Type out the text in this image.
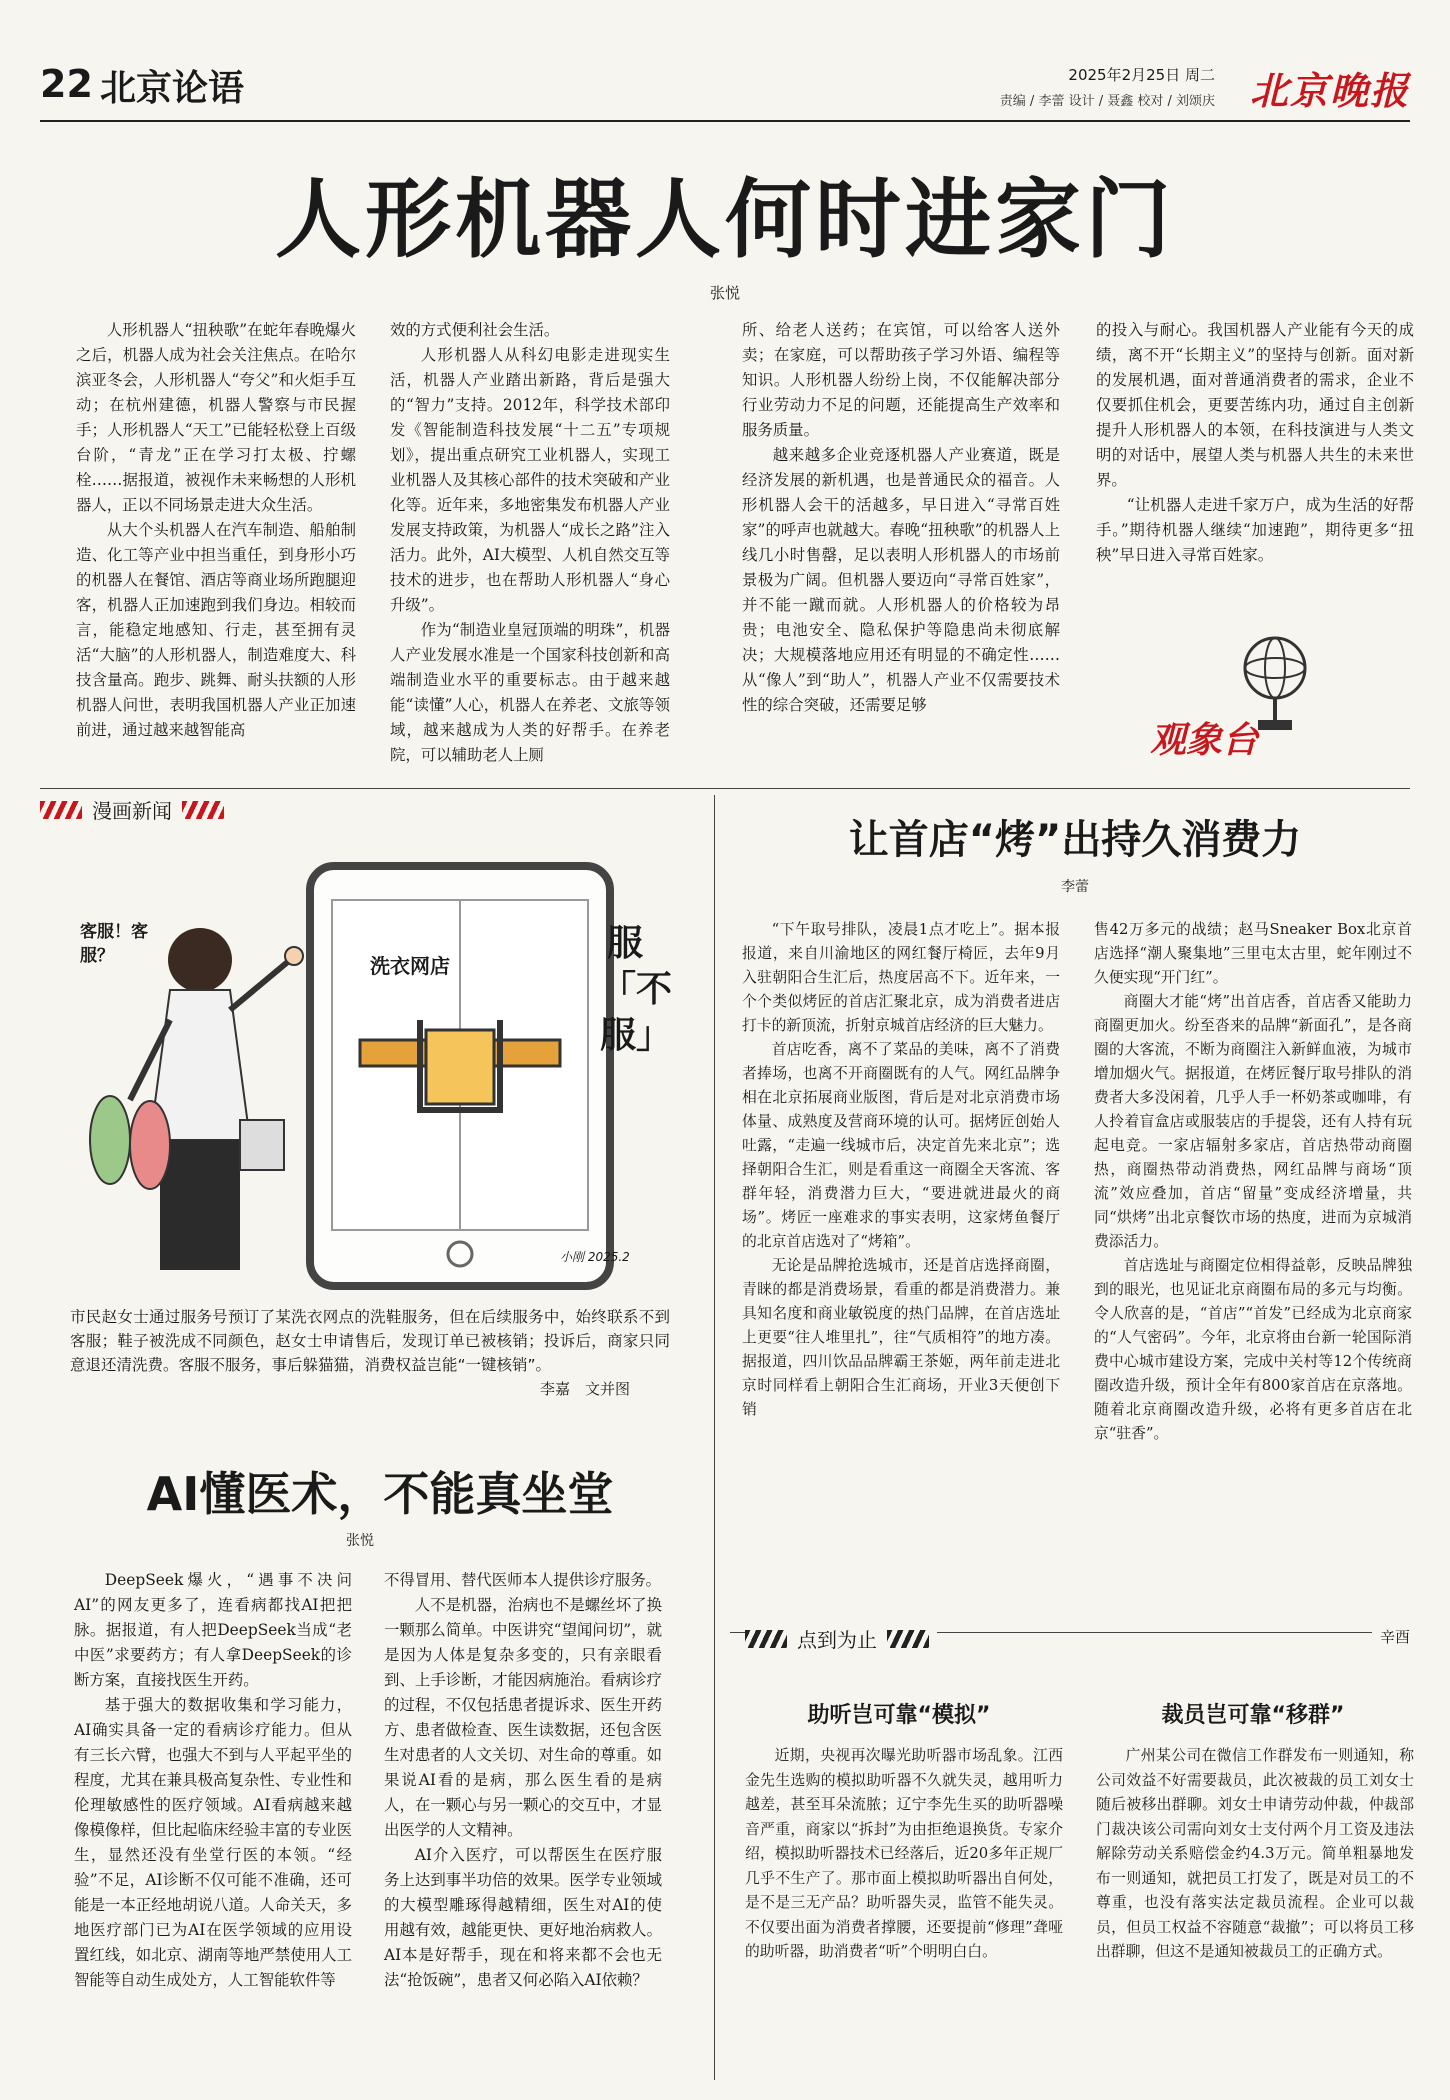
22 北京论语	2025年2月25日 周二
责编 / 李蕾 设计 / 聂鑫 校对 / 刘颂庆 北京晚报
人形机器人何时进家门
张悦

人形机器人“扭秧歌”在蛇年春晚爆火之后，机器人成为社会关注焦点。在哈尔滨亚冬会，人形机器人“夸父”和火炬手互动；在杭州建德，机器人警察与市民握手；人形机器人“天工”已能轻松登上百级台阶，“青龙”正在学习打太极、拧螺栓……据报道，被视作未来畅想的人形机器人，正以不同场景走进大众生活。

从大个头机器人在汽车制造、船舶制造、化工等产业中担当重任，到身形小巧的机器人在餐馆、酒店等商业场所跑腿迎客，机器人正加速跑到我们身边。相较而言，能稳定地感知、行走，甚至拥有灵活“大脑”的人形机器人，制造难度大、科技含量高。跑步、跳舞、耐头扶额的人形机器人问世，表明我国机器人产业正加速前进，通过越来越智能高

效的方式便利社会生活。

人形机器人从科幻电影走进现实生活，机器人产业踏出新路，背后是强大的“智力”支持。2012年，科学技术部印发《智能制造科技发展“十二五”专项规划》，提出重点研究工业机器人，实现工业机器人及其核心部件的技术突破和产业化等。近年来，多地密集发布机器人产业发展支持政策，为机器人“成长之路”注入活力。此外，AI大模型、人机自然交互等技术的进步，也在帮助人形机器人“身心升级”。

作为“制造业皇冠顶端的明珠”，机器人产业发展水准是一个国家科技创新和高端制造业水平的重要标志。由于越来越能“读懂”人心，机器人在养老、文旅等领域，越来越成为人类的好帮手。在养老院，可以辅助老人上厕

所、给老人送药；在宾馆，可以给客人送外卖；在家庭，可以帮助孩子学习外语、编程等知识。人形机器人纷纷上岗，不仅能解决部分行业劳动力不足的问题，还能提高生产效率和服务质量。

越来越多企业竞逐机器人产业赛道，既是经济发展的新机遇，也是普通民众的福音。人形机器人会干的活越多，早日进入“寻常百姓家”的呼声也就越大。春晚“扭秧歌”的机器人上线几小时售罄，足以表明人形机器人的市场前景极为广阔。但机器人要迈向“寻常百姓家”，并不能一蹴而就。人形机器人的价格较为昂贵；电池安全、隐私保护等隐患尚未彻底解决；大规模落地应用还有明显的不确定性……从“像人”到“助人”，机器人产业不仅需要技术性的综合突破，还需要足够

的投入与耐心。我国机器人产业能有今天的成绩，离不开“长期主义”的坚持与创新。面对新的发展机遇，面对普通消费者的需求，企业不仅要抓住机会，更要苦练内功，通过自主创新提升人形机器人的本领，在科技演进与人类文明的对话中，展望人类与机器人共生的未来世界。

“让机器人走进千家万户，成为生活的好帮手。”期待机器人继续“加速跑”，期待更多“扭秧”早日进入寻常百姓家。

观象台
漫画新闻
客服！客服？	洗衣网店
小刚 2025.2
服「不服」
市民赵女士通过服务号预订了某洗衣网点的洗鞋服务，但在后续服务中，始终联系不到客服；鞋子被洗成不同颜色，赵女士申请售后，发现订单已被核销；投诉后，商家只同意退还清洗费。客服不服务，事后躲猫猫，消费权益岂能“一键核销”。
李嘉　文并图
AI懂医术，不能真坐堂
张悦

DeepSeek爆火，“遇事不决问AI”的网友更多了，连看病都找AI把把脉。据报道，有人把DeepSeek当成“老中医”求要药方；有人拿DeepSeek的诊断方案，直接找医生开药。

基于强大的数据收集和学习能力，AI确实具备一定的看病诊疗能力。但从有三长六臂，也强大不到与人平起平坐的程度，尤其在兼具极高复杂性、专业性和伦理敏感性的医疗领域。AI看病越来越像模像样，但比起临床经验丰富的专业医生，显然还没有坐堂行医的本领。“经验”不足，AI诊断不仅可能不准确，还可能是一本正经地胡说八道。人命关天，多地医疗部门已为AI在医学领域的应用设置红线，如北京、湖南等地严禁使用人工智能等自动生成处方，人工智能软件等

不得冒用、替代医师本人提供诊疗服务。

人不是机器，治病也不是螺丝坏了换一颗那么简单。中医讲究“望闻问切”，就是因为人体是复杂多变的，只有亲眼看到、上手诊断，才能因病施治。看病诊疗的过程，不仅包括患者提诉求、医生开药方、患者做检查、医生读数据，还包含医生对患者的人文关切、对生命的尊重。如果说AI看的是病，那么医生看的是病人，在一颗心与另一颗心的交互中，才显出医学的人文精神。

AI介入医疗，可以帮医生在医疗服务上达到事半功倍的效果。医学专业领域的大模型雕琢得越精细，医生对AI的使用越有效，越能更快、更好地治病救人。AI本是好帮手，现在和将来都不会也无法“抢饭碗”，患者又何必陷入AI依赖？

让首店“烤”出持久消费力
李蕾

“下午取号排队，凌晨1点才吃上”。据本报报道，来自川渝地区的网红餐厅椅匠，去年9月入驻朝阳合生汇后，热度居高不下。近年来，一个个类似烤匠的首店汇聚北京，成为消费者进店打卡的新顶流，折射京城首店经济的巨大魅力。

首店吃香，离不了菜品的美味，离不了消费者捧场，也离不开商圈既有的人气。网红品牌争相在北京拓展商业版图，背后是对北京消费市场体量、成熟度及营商环境的认可。据烤匠创始人吐露，“走遍一线城市后，决定首先来北京”；选择朝阳合生汇，则是看重这一商圈全天客流、客群年轻，消费潜力巨大，“要进就进最火的商场”。烤匠一座难求的事实表明，这家烤鱼餐厅的北京首店选对了“烤箱”。

无论是品牌抢选城市，还是首店选择商圈，青睐的都是消费场景，看重的都是消费潜力。兼具知名度和商业敏锐度的热门品牌，在首店选址上更要“往人堆里扎”，往“气质相符”的地方凑。据报道，四川饮品品牌霸王茶姬，两年前走进北京时同样看上朝阳合生汇商场，开业3天便创下销

售42万多元的战绩；赵马Sneaker Box北京首店选择“潮人聚集地”三里屯太古里，蛇年刚过不久便实现“开门红”。

商圈大才能“烤”出首店香，首店香又能助力商圈更加火。纷至沓来的品牌“新面孔”，是各商圈的大客流，不断为商圈注入新鲜血液，为城市增加烟火气。据报道，在烤匠餐厅取号排队的消费者大多没闲着，几乎人手一杯奶茶或咖啡，有人拎着盲盒店或服装店的手提袋，还有人持有玩起电竞。一家店辐射多家店，首店热带动商圈热，商圈热带动消费热，网红品牌与商场“顶流”效应叠加，首店“留量”变成经济增量，共同“烘烤”出北京餐饮市场的热度，进而为京城消费添活力。

首店选址与商圈定位相得益彰，反映品牌独到的眼光，也见证北京商圈布局的多元与均衡。令人欣喜的是，“首店”“首发”已经成为北京商家的“人气密码”。今年，北京将由台新一轮国际消费中心城市建设方案，完成中关村等12个传统商圈改造升级，预计全年有800家首店在京落地。随着北京商圈改造升级，必将有更多首店在北京“驻香”。

点到为止	辛酉
助听岂可靠“模拟”

近期，央视再次曝光助听器市场乱象。江西金先生选购的模拟助听器不久就失灵，越用听力越差，甚至耳朵流脓；辽宁李先生买的助听器噪音严重，商家以“拆封”为由拒绝退换货。专家介绍，模拟助听器技术已经落后，近20多年正规厂几乎不生产了。那市面上模拟助听器出自何处，是不是三无产品？助听器失灵，监管不能失灵。不仅要出面为消费者撑腰，还要提前“修理”聋哑的助听器，助消费者“听”个明明白白。

裁员岂可靠“移群”

广州某公司在微信工作群发布一则通知，称公司效益不好需要裁员，此次被裁的员工刘女士随后被移出群聊。刘女士申请劳动仲裁，仲裁部门裁决该公司需向刘女士支付两个月工资及违法解除劳动关系赔偿金约4.3万元。简单粗暴地发布一则通知，就把员工打发了，既是对员工的不尊重，也没有落实法定裁员流程。企业可以裁员，但员工权益不容随意“裁撤”；可以将员工移出群聊，但这不是通知被裁员工的正确方式。
